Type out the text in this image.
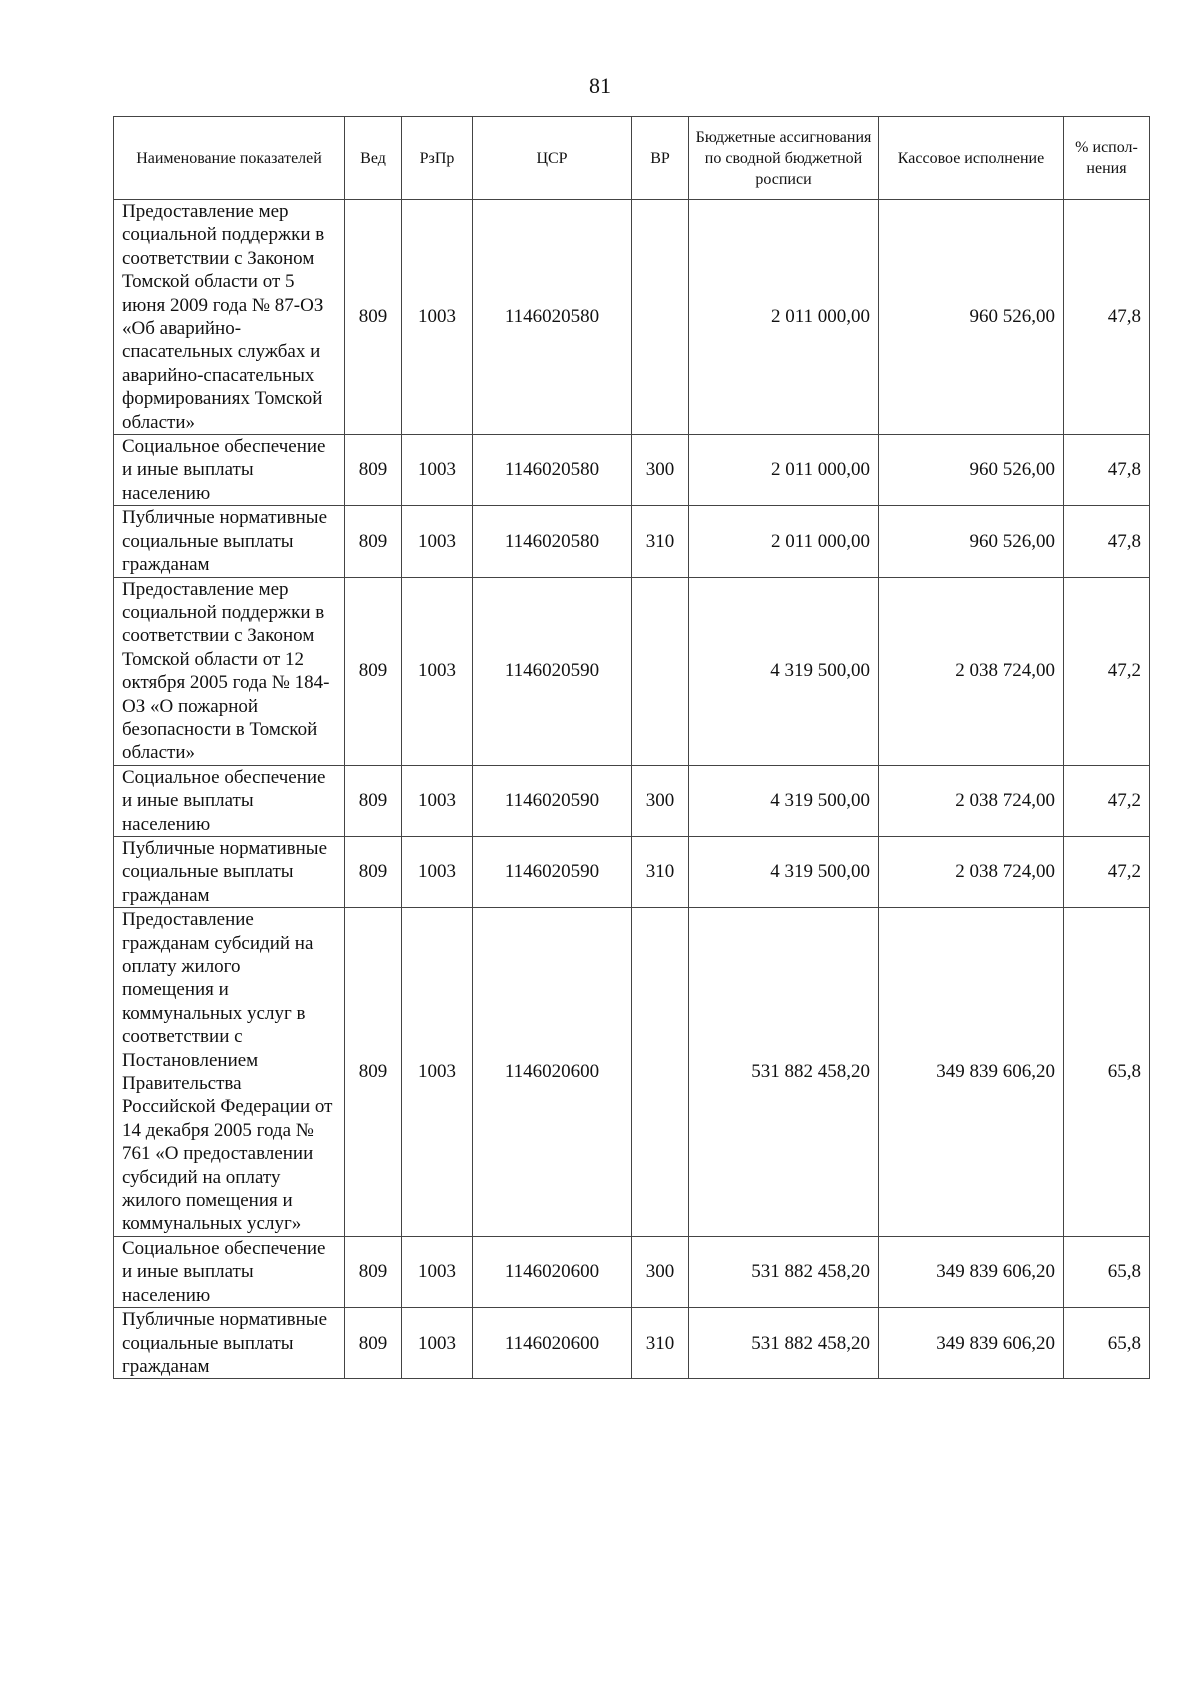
81
Наименование показателей	Вед	РзПр	ЦСР	ВР	Бюджетные ассигнования по сводной бюджетной росписи	Кассовое исполнение	% испол-нения
Предоставление мер социальной поддержки в соответствии с Законом Томской области от 5 июня 2009 года № 87-ОЗ «Об аварийно-спасательных службах и аварийно-спасательных формированиях Томской области»	809	1003	1146020580		2 011 000,00	960 526,00	47,8
Социальное обеспечение и иные выплаты населению	809	1003	1146020580	300	2 011 000,00	960 526,00	47,8
Публичные нормативные социальные выплаты гражданам	809	1003	1146020580	310	2 011 000,00	960 526,00	47,8
Предоставление мер социальной поддержки в соответствии с Законом Томской области от 12 октября 2005 года № 184-ОЗ «О пожарной безопасности в Томской области»	809	1003	1146020590		4 319 500,00	2 038 724,00	47,2
Социальное обеспечение и иные выплаты населению	809	1003	1146020590	300	4 319 500,00	2 038 724,00	47,2
Публичные нормативные социальные выплаты гражданам	809	1003	1146020590	310	4 319 500,00	2 038 724,00	47,2
Предоставление гражданам субсидий на оплату жилого помещения и коммунальных услуг в соответствии с Постановлением Правительства Российской Федерации от 14 декабря 2005 года № 761 «О предоставлении субсидий на оплату жилого помещения и коммунальных услуг»	809	1003	1146020600		531 882 458,20	349 839 606,20	65,8
Социальное обеспечение и иные выплаты населению	809	1003	1146020600	300	531 882 458,20	349 839 606,20	65,8
Публичные нормативные социальные выплаты гражданам	809	1003	1146020600	310	531 882 458,20	349 839 606,20	65,8
